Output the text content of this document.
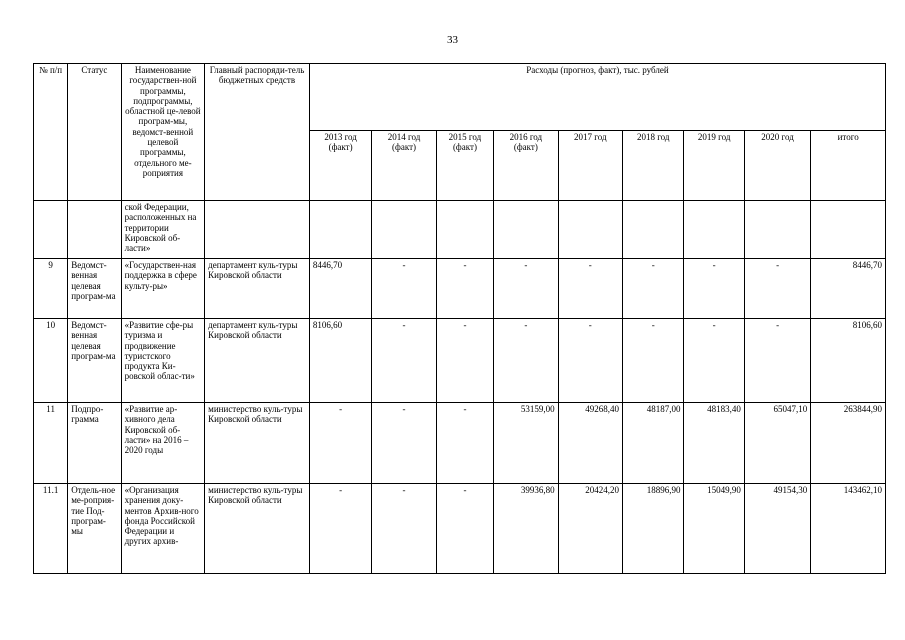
33
№ п/п	Статус	Наименование государствен-ной программы, подпрограммы, областной це-левой програм-мы, ведомст-венной целевой программы, отдельного ме-роприятия	Главный распоряди-тель бюджетных средств	Расходы (прогноз, факт), тыс. рублей								
				2013 год (факт)	2014 год (факт)	2015 год (факт)	2016 год (факт)	2017 год	2018 год	2019 год	2020 год	итого
		ской Федерации, расположенных на территории Кировской об-ласти»										
9	Ведомст-венная целевая програм-ма	«Государствен-ная поддержка в сфере культу-ры»	департамент куль-туры Кировской области	8446,70	-	-	-	-	-	-	-	8446,70
10	Ведомст-венная целевая програм-ма	«Развитие сфе-ры туризма и продвижение туристского продукта Ки-ровской облас-ти»	департамент куль-туры Кировской области	8106,60	-	-	-	-	-	-	-	8106,60
11	Подпро-грамма	«Развитие ар-хивного дела Кировской об-ласти» на 2016 – 2020 годы	министерство куль-туры Кировской области	-	-	-	53159,00	49268,40	48187,00	48183,40	65047,10	263844,90
11.1	Отдель-ное ме-роприя-тие Под-програм-мы	«Организация хранения доку-ментов Архив-ного фонда Российской Федерации и других архив-	министерство куль-туры Кировской области	-	-	-	39936,80	20424,20	18896,90	15049,90	49154,30	143462,10
